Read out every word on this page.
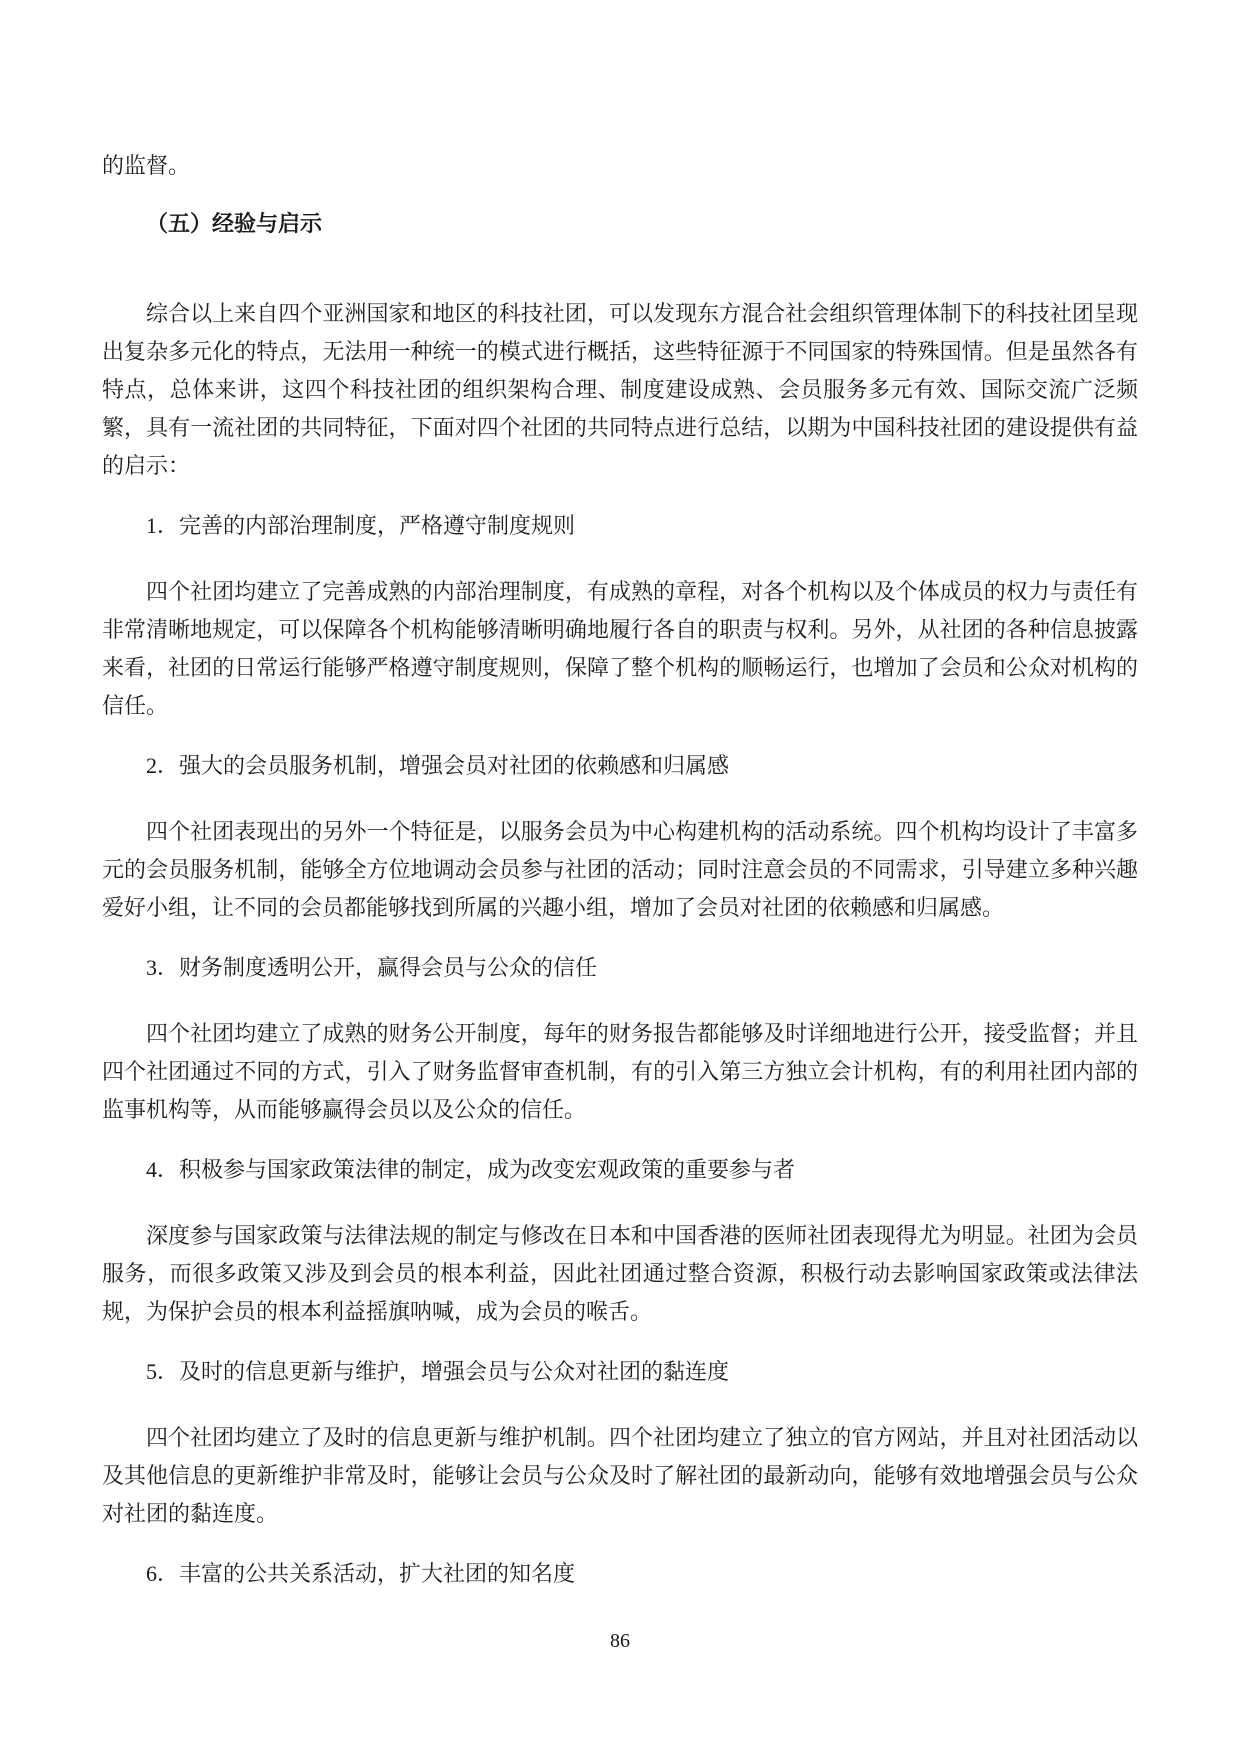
的监督。

（五）经验与启示

综合以上来自四个亚洲国家和地区的科技社团，可以发现东方混合社会组织管理体制下的科技社团呈现出复杂多元化的特点，无法用一种统一的模式进行概括，这些特征源于不同国家的特殊国情。但是虽然各有特点，总体来讲，这四个科技社团的组织架构合理、制度建设成熟、会员服务多元有效、国际交流广泛频繁，具有一流社团的共同特征，下面对四个社团的共同特点进行总结，以期为中国科技社团的建设提供有益的启示：

1．完善的内部治理制度，严格遵守制度规则

四个社团均建立了完善成熟的内部治理制度，有成熟的章程，对各个机构以及个体成员的权力与责任有非常清晰地规定，可以保障各个机构能够清晰明确地履行各自的职责与权利。另外，从社团的各种信息披露来看，社团的日常运行能够严格遵守制度规则，保障了整个机构的顺畅运行，也增加了会员和公众对机构的信任。

2．强大的会员服务机制，增强会员对社团的依赖感和归属感

四个社团表现出的另外一个特征是，以服务会员为中心构建机构的活动系统。四个机构均设计了丰富多元的会员服务机制，能够全方位地调动会员参与社团的活动；同时注意会员的不同需求，引导建立多种兴趣爱好小组，让不同的会员都能够找到所属的兴趣小组，增加了会员对社团的依赖感和归属感。

3．财务制度透明公开，赢得会员与公众的信任

四个社团均建立了成熟的财务公开制度，每年的财务报告都能够及时详细地进行公开，接受监督；并且四个社团通过不同的方式，引入了财务监督审查机制，有的引入第三方独立会计机构，有的利用社团内部的监事机构等，从而能够赢得会员以及公众的信任。

4．积极参与国家政策法律的制定，成为改变宏观政策的重要参与者

深度参与国家政策与法律法规的制定与修改在日本和中国香港的医师社团表现得尤为明显。社团为会员服务，而很多政策又涉及到会员的根本利益，因此社团通过整合资源，积极行动去影响国家政策或法律法规，为保护会员的根本利益摇旗呐喊，成为会员的喉舌。

5．及时的信息更新与维护，增强会员与公众对社团的黏连度

四个社团均建立了及时的信息更新与维护机制。四个社团均建立了独立的官方网站，并且对社团活动以及其他信息的更新维护非常及时，能够让会员与公众及时了解社团的最新动向，能够有效地增强会员与公众对社团的黏连度。

6．丰富的公共关系活动，扩大社团的知名度

86
